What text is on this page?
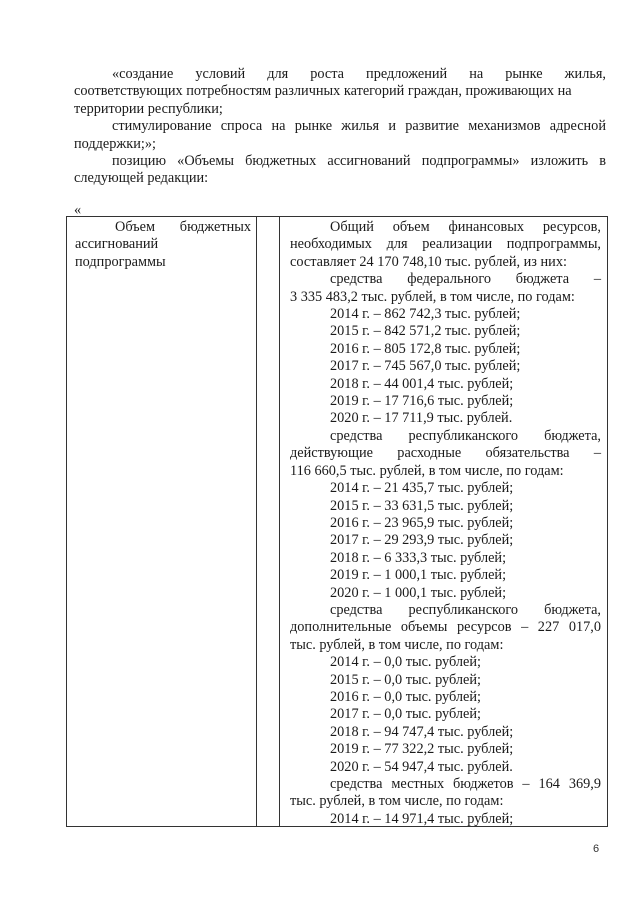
«создание условий для роста предложений на рынке жилья,
соответствующих потребностям различных категорий граждан, проживающих на
территории республики;
стимулирование спроса на рынке жилья и развитие механизмов адресной
поддержки;»;
позицию «Объемы бюджетных ассигнований подпрограммы» изложить в
следующей редакции:
«
Объем бюджетных
ассигнований
подпрограммы
Общий объем финансовых ресурсов,
необходимых для реализации подпрограммы,
составляет 24 170 748,10 тыс. рублей, из них:
средства федерального бюджета –
3 335 483,2 тыс. рублей, в том числе, по годам:
2014 г. – 862 742,3 тыс. рублей;
2015 г. – 842 571,2 тыс. рублей;
2016 г. – 805 172,8 тыс. рублей;
2017 г. – 745 567,0 тыс. рублей;
2018 г. – 44 001,4 тыс. рублей;
2019 г. – 17 716,6 тыс. рублей;
2020 г. – 17 711,9 тыс. рублей.
средства республиканского бюджета,
действующие расходные обязательства –
116 660,5 тыс. рублей, в том числе, по годам:
2014 г. – 21 435,7 тыс. рублей;
2015 г. – 33 631,5 тыс. рублей;
2016 г. – 23 965,9 тыс. рублей;
2017 г. – 29 293,9 тыс. рублей;
2018 г. – 6 333,3 тыс. рублей;
2019 г. – 1 000,1 тыс. рублей;
2020 г. – 1 000,1 тыс. рублей;
средства республиканского бюджета,
дополнительные объемы ресурсов – 227 017,0
тыс. рублей, в том числе, по годам:
2014 г. – 0,0 тыс. рублей;
2015 г. – 0,0 тыс. рублей;
2016 г. – 0,0 тыс. рублей;
2017 г. – 0,0 тыс. рублей;
2018 г. – 94 747,4 тыс. рублей;
2019 г. – 77 322,2 тыс. рублей;
2020 г. – 54 947,4 тыс. рублей.
средства местных бюджетов – 164 369,9
тыс. рублей, в том числе, по годам:
2014 г. – 14 971,4 тыс. рублей;
6
